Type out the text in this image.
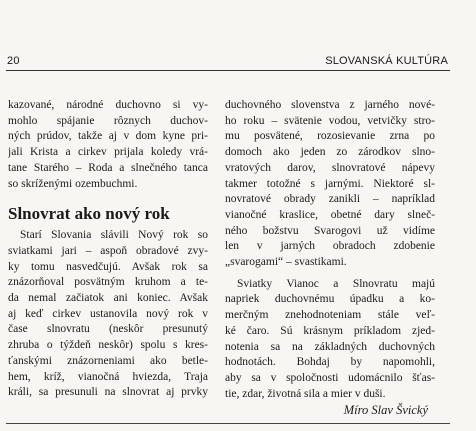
20	SLOVANSKÁ KULTÚRA
kazované, národné duchovno si vy-
mohlo spájanie rôznych duchov-
ných prúdov, takže aj v dom kyne pri-
jali Krista a cirkev prijala koledy vrá-
tane Starého – Roda a slnečného tanca
so skríženými ozembuchmi.
Slnovrat ako nový rok
Starí Slovania slávili Nový rok so
sviatkami jari – aspoň obradové zvy-
ky tomu nasvedčujú. Avšak rok sa
znázorňoval posvätným kruhom a te-
da nemal začiatok ani koniec. Avšak
aj keď cirkev ustanovila nový rok v
čase slnovratu (neskôr presunutý
zhruba o týždeň neskôr) spolu s kres-
ťanskými znázorneniami ako betle-
hem, kríž, vianočná hviezda, Traja
králi, sa presunuli na slnovrat aj prvky
duchovného slovenstva z jarného nové-
ho roku – svätenie vodou, vetvičky stro-
mu posvätené, rozosievanie zrna po
domoch ako jeden zo zárodkov slno-
vratových darov, slnovratové nápevy
takmer totožné s jarnými. Niektoré sl-
novratové obrady zanikli – napríklad
vianočné kraslice, obetné dary slneč-
ného božstvu Svarogovi už vidíme
len v jarných obradoch zdobenie
„svarogami“ – svastikami.
Sviatky Vianoc a Slnovratu majú
napriek duchovnému úpadku a ko-
merčným znehodnoteniam stále veľ-
ké čaro. Sú krásnym príkladom zjed-
notenia sa na základných duchovných
hodnotách. Bohdaj by napomohli,
aby sa v spoločnosti udomácnilo šťas-
tie, zdar, životná sila a mier v duši.
Míro Slav Švický
